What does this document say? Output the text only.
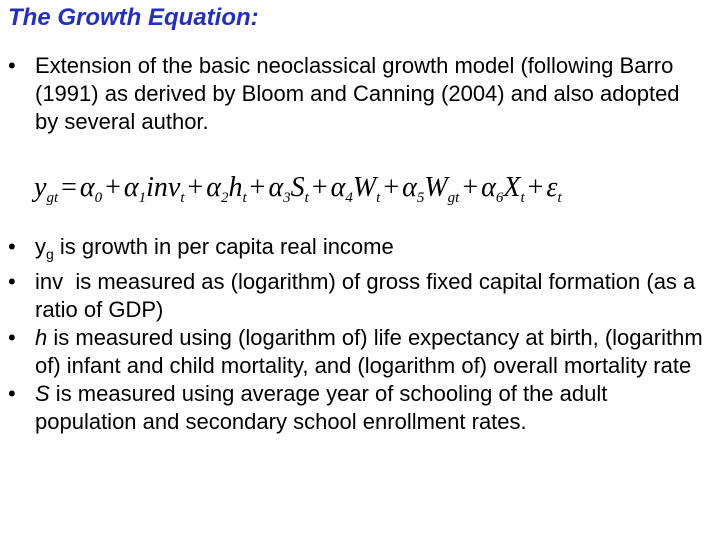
The Growth Equation:
• Extension of the basic neoclassical growth model (following Barro (1991) as derived by Bloom and Canning (2004) and also adopted by several author.
$y_{gt} = \alpha_0 + \alpha_1inv_t + \alpha_2h_t + \alpha_3S_t + \alpha_4W_t + \alpha_5W_{gt} + \alpha_6X_t + \varepsilon_t$
• $y_g$ is growth in per capita real income
• inv  is measured as (logarithm) of gross fixed capital formation (as a ratio of GDP)
• h is measured using (logarithm of) life expectancy at birth, (logarithm of) infant and child mortality, and (logarithm of) overall mortality rate
• S is measured using average year of schooling of the adult population and secondary school enrollment rates.
